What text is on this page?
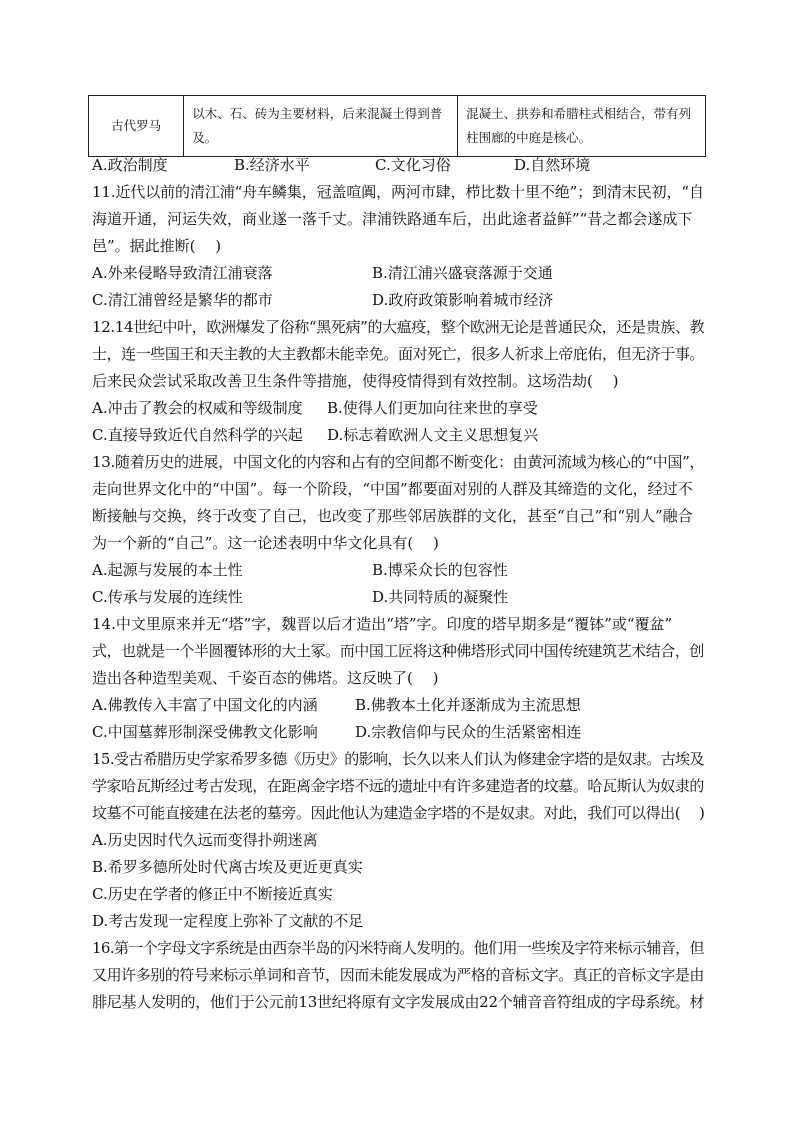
古代罗马	以木、石、砖为主要材料，后来混凝土得到普及。	混凝土、拱券和希腊柱式相结合，带有列柱围廊的中庭是核心。
A.政治制度	B.经济水平	C.文化习俗	D.自然环境
11.近代以前的清江浦“舟车鳞集，冠盖喧阗，两河市肆，栉比数十里不绝”；到清末民初，“自
海道开通，河运失效，商业遂一落千丈。津浦铁路通车后，出此途者益鲜”“昔之都会遂成下
邑”。据此推断(　 )
A.外来侵略导致清江浦衰落	B.清江浦兴盛衰落源于交通
C.清江浦曾经是繁华的都市	D.政府政策影响着城市经济
12.14世纪中叶，欧洲爆发了俗称“黑死病”的大瘟疫，整个欧洲无论是普通民众，还是贵族、教
士，连一些国王和天主教的大主教都未能幸免。面对死亡，很多人祈求上帝庇佑，但无济于事。
后来民众尝试采取改善卫生条件等措施，使得疫情得到有效控制。这场浩劫(　 )
A.冲击了教会的权威和等级制度	B.使得人们更加向往来世的享受
C.直接导致近代自然科学的兴起	D.标志着欧洲人文主义思想复兴
13.随着历史的进展，中国文化的内容和占有的空间都不断变化：由黄河流域为核心的“中国”，
走向世界文化中的“中国”。每一个阶段，“中国”都要面对别的人群及其缔造的文化，经过不
断接触与交换，终于改变了自己，也改变了那些邻居族群的文化，甚至“自己”和“别人”融合
为一个新的“自己”。这一论述表明中华文化具有(　 )
A.起源与发展的本土性	B.博采众长的包容性
C.传承与发展的连续性	D.共同特质的凝聚性
14.中文里原来并无“塔”字，魏晋以后才造出“塔”字。印度的塔早期多是“覆钵”或“覆盆”
式，也就是一个半圆覆钵形的大土冢。而中国工匠将这种佛塔形式同中国传统建筑艺术结合，创
造出各种造型美观、千姿百态的佛塔。这反映了(　 )
A.佛教传入丰富了中国文化的内涵	B.佛教本土化并逐渐成为主流思想
C.中国墓葬形制深受佛教文化影响	D.宗教信仰与民众的生活紧密相连
15.受古希腊历史学家希罗多德《历史》的影响，长久以来人们认为修建金字塔的是奴隶。古埃及
学家哈瓦斯经过考古发现，在距离金字塔不远的遗址中有许多建造者的坟墓。哈瓦斯认为奴隶的
坟墓不可能直接建在法老的墓旁。因此他认为建造金字塔的不是奴隶。对此，我们可以得出(　 )
A.历史因时代久远而变得扑朔迷离
B.希罗多德所处时代离古埃及更近更真实
C.历史在学者的修正中不断接近真实
D.考古发现一定程度上弥补了文献的不足
16.第一个字母文字系统是由西奈半岛的闪米特商人发明的。他们用一些埃及字符来标示辅音，但
又用许多别的符号来标示单词和音节，因而未能发展成为严格的音标文字。真正的音标文字是由
腓尼基人发明的，他们于公元前13世纪将原有文字发展成由22个辅音音符组成的字母系统。材
